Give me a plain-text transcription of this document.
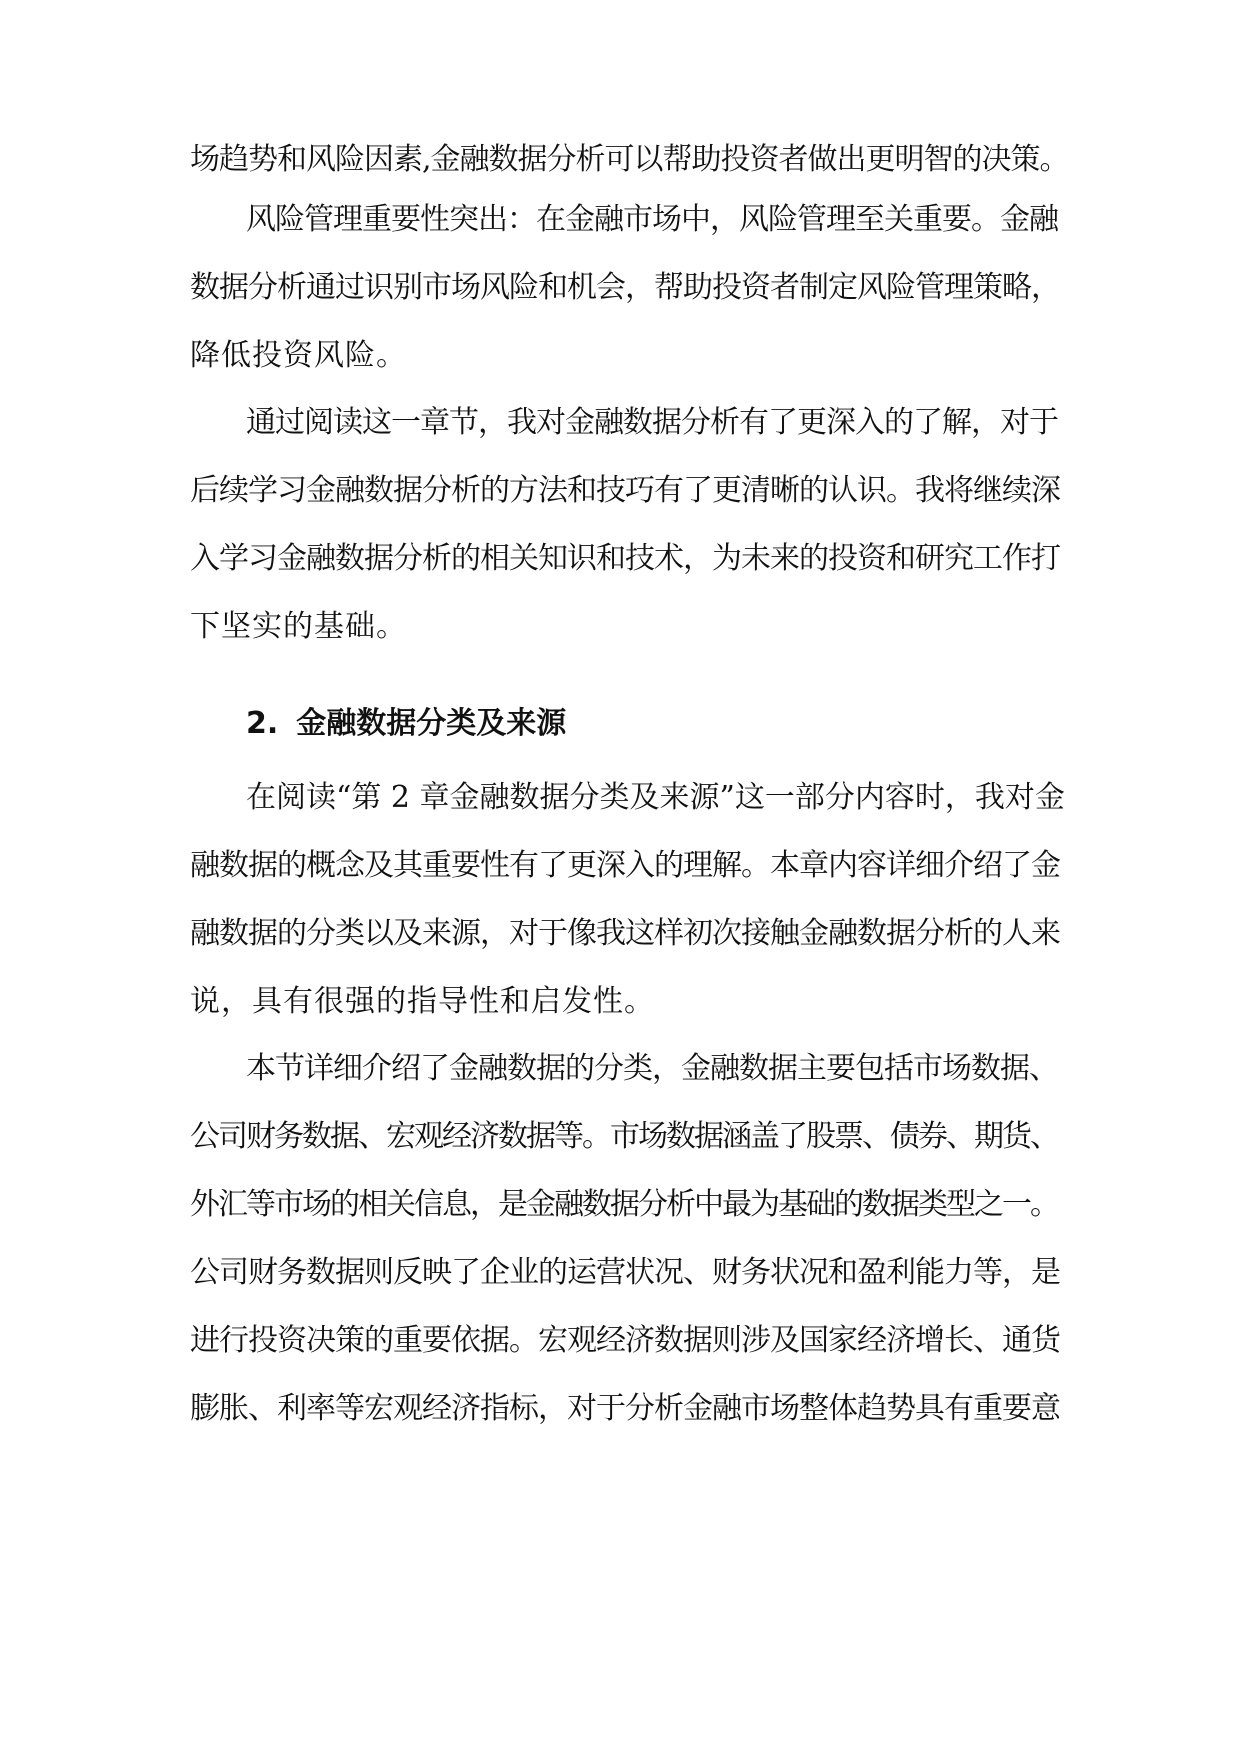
场趋势和风险因素,金融数据分析可以帮助投资者做出更明智的决策。
风险管理重要性突出：在金融市场中，风险管理至关重要。金融
数据分析通过识别市场风险和机会，帮助投资者制定风险管理策略，
降低投资风险。
通过阅读这一章节，我对金融数据分析有了更深入的了解，对于
后续学习金融数据分析的方法和技巧有了更清晰的认识。我将继续深
入学习金融数据分析的相关知识和技术，为未来的投资和研究工作打
下坚实的基础。
2. 金融数据分类及来源
在阅读“第 2 章金融数据分类及来源”这一部分内容时，我对金
融数据的概念及其重要性有了更深入的理解。本章内容详细介绍了金
融数据的分类以及来源，对于像我这样初次接触金融数据分析的人来
说，具有很强的指导性和启发性。
本节详细介绍了金融数据的分类，金融数据主要包括市场数据、
公司财务数据、宏观经济数据等。市场数据涵盖了股票、债券、期货、
外汇等市场的相关信息，是金融数据分析中最为基础的数据类型之一。
公司财务数据则反映了企业的运营状况、财务状况和盈利能力等，是
进行投资决策的重要依据。宏观经济数据则涉及国家经济增长、通货
膨胀、利率等宏观经济指标，对于分析金融市场整体趋势具有重要意
